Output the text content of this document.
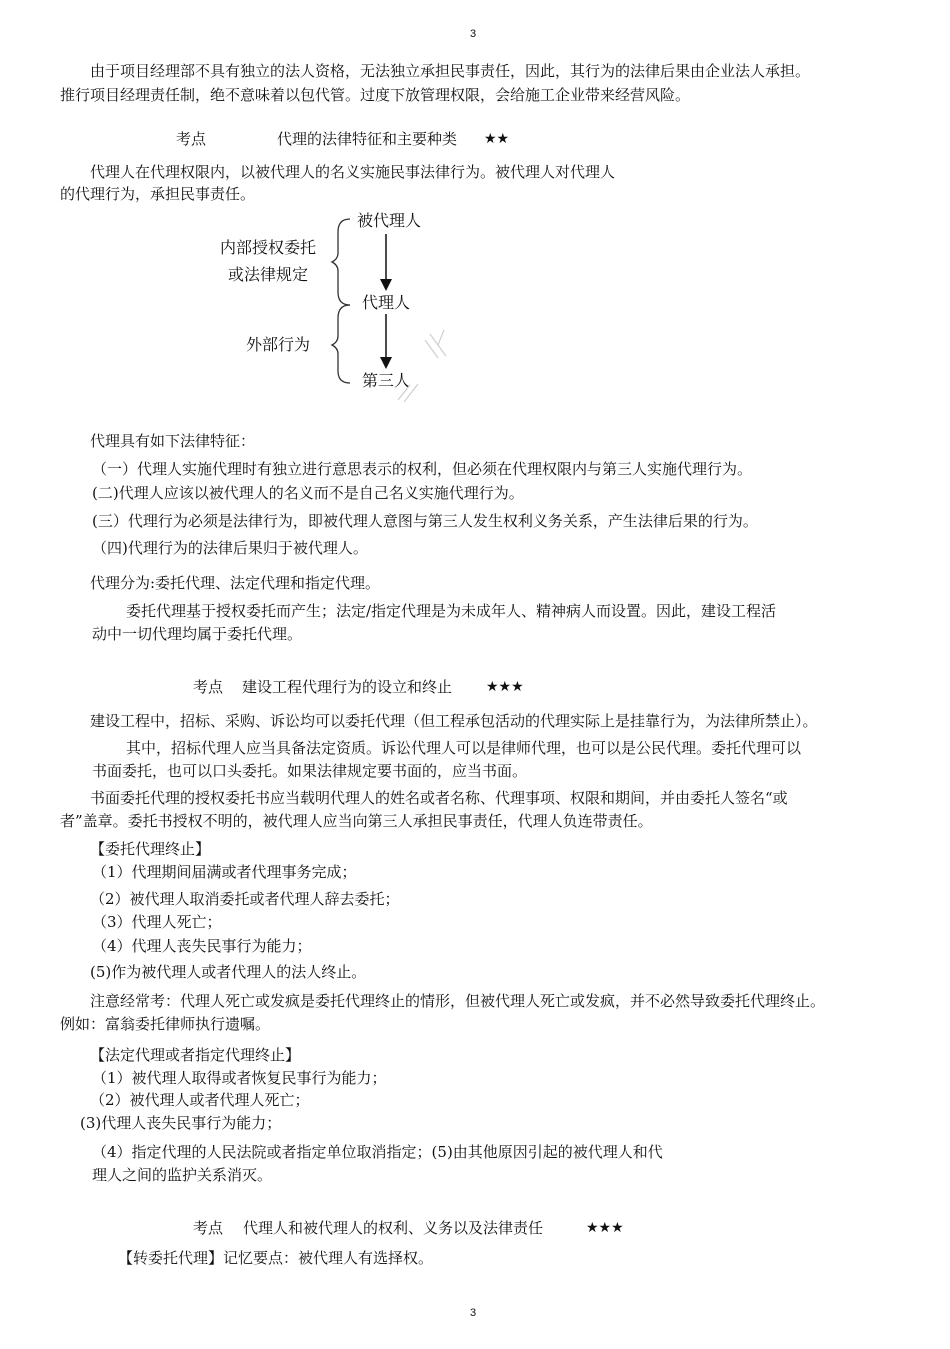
3

由于项目经理部不具有独立的法人资格，无法独立承担民事责任，因此，其行为的法律后果由企业法人承担。

推行项目经理责任制，绝不意味着以包代管。过度下放管理权限，会给施工企业带来经营风险。

考点	代理的法律特征和主要种类 ★★

代理人在代理权限内，以被代理人的名义实施民事法律行为。被代理人对代理人

的代理行为，承担民事责任。

被代理人
代理人
第三人
内部授权委托
或法律规定
外部行为

代理具有如下法律特征：

（一）代理人实施代理时有独立进行意思表示的权利，但必须在代理权限内与第三人实施代理行为。

(二)代理人应该以被代理人的名义而不是自己名义实施代理行为。

(三）代理行为必须是法律行为，即被代理人意图与第三人发生权利义务关系，产生法律后果的行为。

（四)代理行为的法律后果归于被代理人。

代理分为:委托代理、法定代理和指定代理。

委托代理基于授权委托而产生；法定/指定代理是为未成年人、精神病人而设置。因此，建设工程活

动中一切代理均属于委托代理。

考点 建设工程代理行为的设立和终止 ★★★

建设工程中，招标、采购、诉讼均可以委托代理（但工程承包活动的代理实际上是挂靠行为，为法律所禁止）。

其中，招标代理人应当具备法定资质。诉讼代理人可以是律师代理，也可以是公民代理。委托代理可以

书面委托，也可以口头委托。如果法律规定要书面的，应当书面。

书面委托代理的授权委托书应当载明代理人的姓名或者名称、代理事项、权限和期间，并由委托人签名“或

者”盖章。委托书授权不明的，被代理人应当向第三人承担民事责任，代理人负连带责任。

【委托代理终止】

（1）代理期间届满或者代理事务完成；

（2）被代理人取消委托或者代理人辞去委托；

（3）代理人死亡；

（4）代理人丧失民事行为能力；

(5)作为被代理人或者代理人的法人终止。

注意经常考：代理人死亡或发疯是委托代理终止的情形，但被代理人死亡或发疯，并不必然导致委托代理终止。

例如：富翁委托律师执行遗嘱。

【法定代理或者指定代理终止】

（1）被代理人取得或者恢复民事行为能力；

（2）被代理人或者代理人死亡；

(3)代理人丧失民事行为能力；

（4）指定代理的人民法院或者指定单位取消指定；(5)由其他原因引起的被代理人和代

理人之间的监护关系消灭。

考点 代理人和被代理人的权利、义务以及法律责任	★★★

【转委托代理】记忆要点：被代理人有选择权。

3
